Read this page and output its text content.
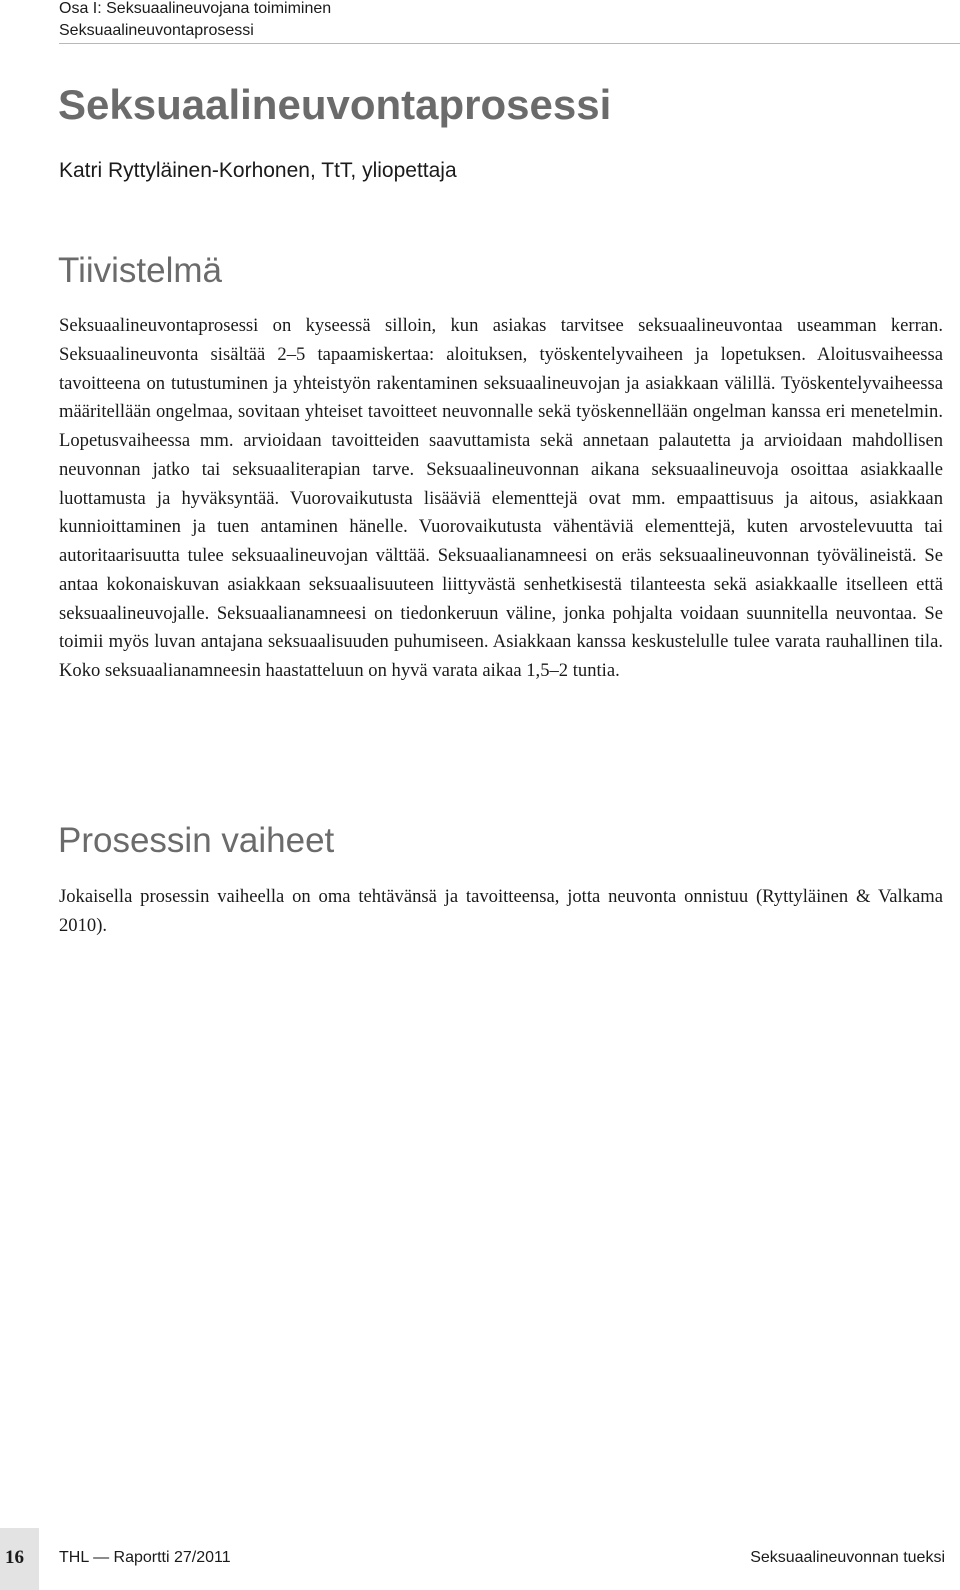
Osa I: Seksuaalineuvojana toimiminen
Seksuaalineuvontaprosessi
Seksuaalineuvontaprosessi

Katri Ryttyläinen-Korhonen, TtT, yliopettaja

Tiivistelmä

Seksuaalineuvontaprosessi on kyseessä silloin, kun asiakas tarvitsee seksuaalineuvontaa useamman kerran. Seksuaalineuvonta sisältää 2–5 tapaamiskertaa: aloituksen, työskentelyvaiheen ja lopetuksen. Aloitusvaiheessa tavoitteena on tutustuminen ja yhteistyön rakentaminen seksuaalineuvojan ja asiakkaan välillä. Työskentelyvaiheessa määritellään ongelmaa, sovitaan yhteiset tavoitteet neuvonnalle sekä työskennellään ongelman kanssa eri menetelmin. Lopetusvaiheessa mm. arvioidaan tavoitteiden saavuttamista sekä annetaan palautetta ja arvioidaan mahdollisen neuvonnan jatko tai seksuaaliterapian tarve. Seksuaalineuvonnan aikana seksuaalineuvoja osoittaa asiakkaalle luottamusta ja hyväksyntää. Vuorovaikutusta lisääviä elementtejä ovat mm. empaattisuus ja aitous, asiakkaan kunnioittaminen ja tuen antaminen hänelle. Vuorovaikutusta vähentäviä elementtejä, kuten arvostelevuutta tai autoritaarisuutta tulee seksuaalineuvojan välttää. Seksuaalianamneesi on eräs seksuaalineuvonnan työvälineistä. Se antaa kokonaiskuvan asiakkaan seksuaalisuuteen liittyvästä senhetkisestä tilanteesta sekä asiakkaalle itselleen että seksuaalineuvojalle. Seksuaalianamneesi on tiedonkeruun väline, jonka pohjalta voidaan suunnitella neuvontaa. Se toimii myös luvan antajana seksuaalisuuden puhumiseen. Asiakkaan kanssa keskustelulle tulee varata rauhallinen tila. Koko seksuaalianamneesin haastatteluun on hyvä varata aikaa 1,5–2 tuntia.

Prosessin vaiheet

Jokaisella prosessin vaiheella on oma tehtävänsä ja tavoitteensa, jotta neuvonta onnistuu (Ryttyläinen & Valkama 2010).

16 THL — Raportti 27/2011	Seksuaalineuvonnan tueksi
